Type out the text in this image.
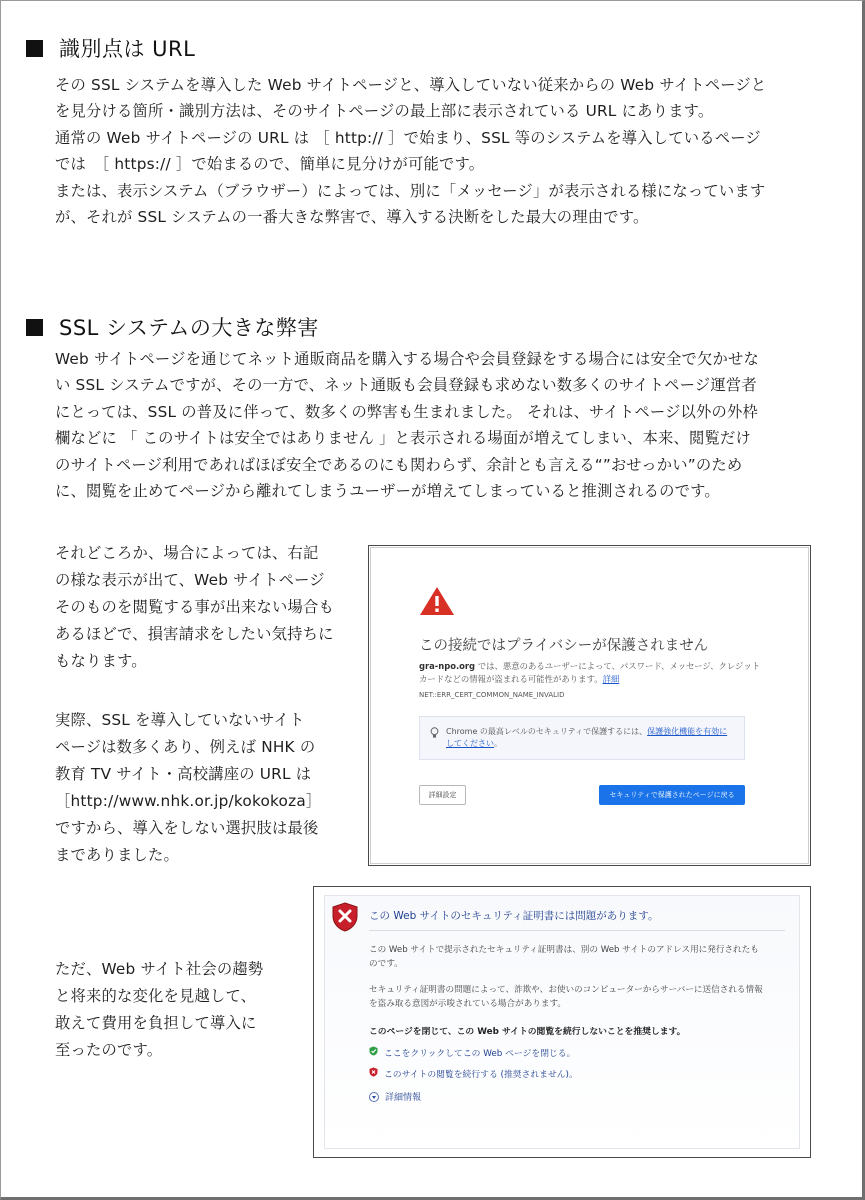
識別点は URL

その SSL システムを導入した Web サイトページと、導入していない従来からの Web サイトページと

を見分ける箇所・識別方法は、そのサイトページの最上部に表示されている URL にあります。

通常の Web サイトページの URL は ［ http:// ］で始まり、SSL 等のシステムを導入しているページ

では　［ https:// ］で始まるので、簡単に見分けが可能です。

または、表示システム（ブラウザー）によっては、別に「メッセージ」が表示される様になっています

が、それが SSL システムの一番大きな弊害で、導入する決断をした最大の理由です。

SSL システムの大きな弊害

Web サイトページを通じてネット通販商品を購入する場合や会員登録をする場合には安全で欠かせな

い SSL システムですが、その一方で、ネット通販も会員登録も求めない数多くのサイトページ運営者

にとっては、SSL の普及に伴って、数多くの弊害も生まれました。 それは、サイトページ以外の外枠

欄などに 「 このサイトは安全ではありません 」と表示される場面が増えてしまい、本来、閲覧だけ

のサイトページ利用であればほぼ安全であるのにも関わらず、余計とも言える“”おせっかい”のため

に、閲覧を止めてページから離れてしまうユーザーが増えてしまっていると推測されるのです。

それどころか、場合によっては、右記

の様な表示が出て、Web サイトページ

そのものを閲覧する事が出来ない場合も

あるほどで、損害請求をしたい気持ちに

もなります。

実際、SSL を導入していないサイト

ページは数多くあり、例えば NHK の

教育 TV サイト・高校講座の URL は

［http://www.nhk.or.jp/kokokoza］

ですから、導入をしない選択肢は最後

までありました。

ただ、Web サイト社会の趨勢

と将来的な変化を見越して、

敢えて費用を負担して導入に

至ったのです。

この接続ではプライバシーが保護されません
gra-npo.org では、悪意のあるユーザーによって、パスワード、メッセージ、クレジット
カードなどの情報が盗まれる可能性があります。詳細
NET::ERR_CERT_COMMON_NAME_INVALID
Chrome の最高レベルのセキュリティで保護するには、保護強化機能を有効に
してください。
詳細設定	セキュリティで保護されたページに戻る
この Web サイトのセキュリティ証明書には問題があります。
この Web サイトで提示されたセキュリティ証明書は、別の Web サイトのアドレス用に発行されたも
のです。
セキュリティ証明書の問題によって、詐欺や、お使いのコンピューターからサーバーに送信される情報
を盗み取る意図が示唆されている場合があります。
このページを閉じて、この Web サイトの閲覧を続行しないことを推奨します。
ここをクリックしてこの Web ページを閉じる。
このサイトの閲覧を続行する (推奨されません)。
詳細情報
